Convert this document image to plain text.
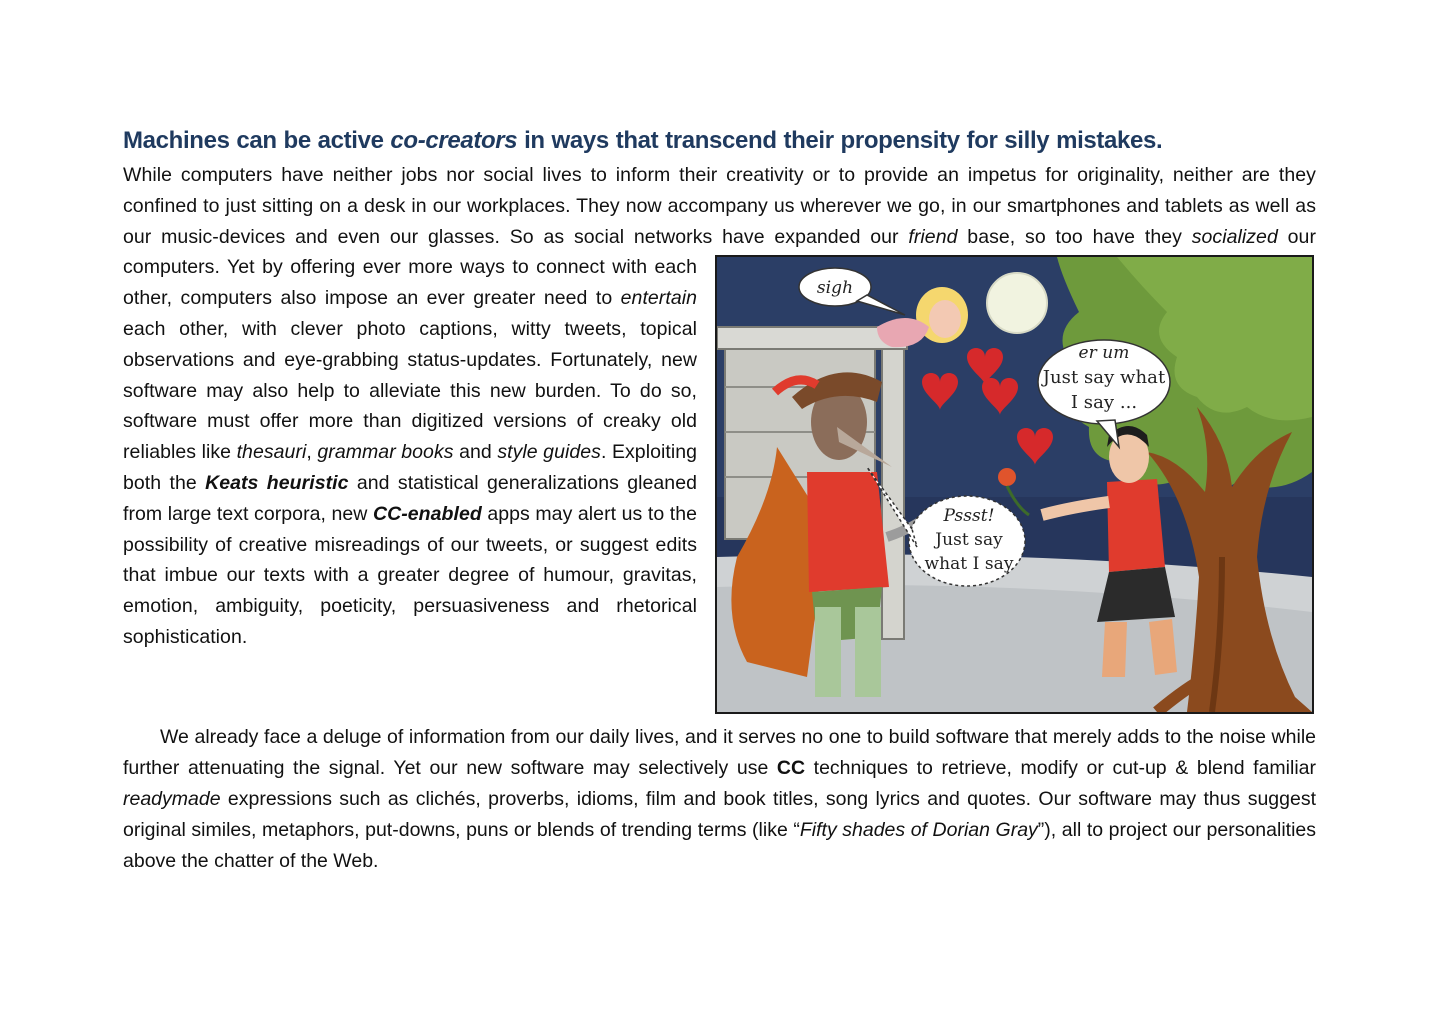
Machines can be active co-creators in ways that transcend their propensity for silly mistakes.

While computers have neither jobs nor social lives to inform their creativity or to provide an impetus for originality, neither are they confined to just sitting on a desk in our workplaces. They now accompany us wherever we go, in our smartphones and tablets as well as our music-devices and even our glasses. So as social networks have expanded our
sigh
er um
Just say what
I say ...
Pssst!
Just say
what I say
friend base, so too have they socialized our computers. Yet by offering ever more ways to connect with each other, computers also impose an ever greater need to entertain each other, with clever photo captions, witty tweets, topical observations and eye-grabbing status-updates. Fortunately, new software may also help to alleviate this new burden. To do so, software must offer more than digitized versions of creaky old reliables like thesauri, grammar books and style guides. Exploiting both the Keats heuristic and statistical generalizations gleaned from large text corpora, new CC-enabled apps may alert us to the possibility of creative misreadings of our tweets, or suggest edits that imbue our texts with a greater degree of humour, gravitas, emotion, ambiguity, poeticity, persuasiveness and rhetorical sophistication.

We already face a deluge of information from our daily lives, and it serves no one to build software that merely adds to the noise while further attenuating the signal. Yet our new software may selectively use CC techniques to retrieve, modify or cut-up & blend familiar readymade expressions such as clichés, proverbs, idioms, film and book titles, song lyrics and quotes. Our software may thus suggest original similes, metaphors, put-downs, puns or blends of trending terms (like “Fifty shades of Dorian Gray”), all to project our personalities above the chatter of the Web.
